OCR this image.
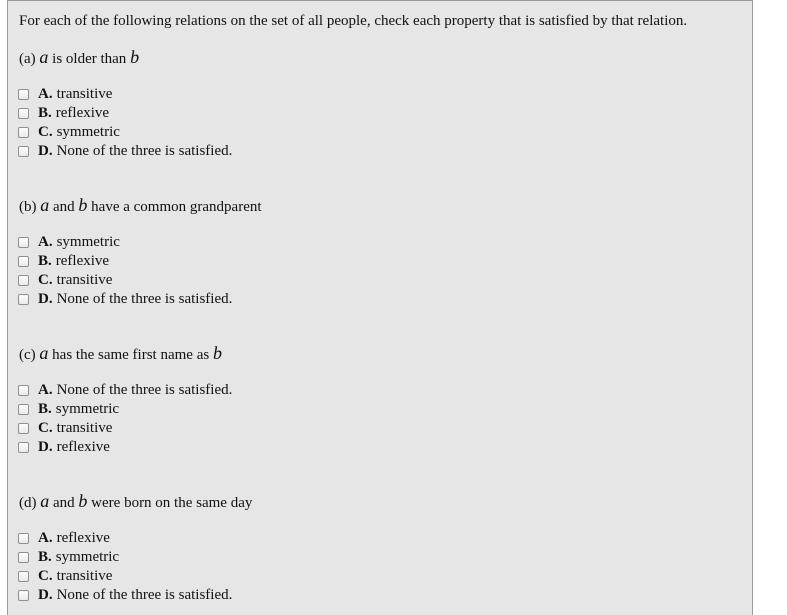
For each of the following relations on the set of all people, check each property that is satisfied by that relation.
(a) a is older than b
A. transitive
B. reflexive
C. symmetric
D. None of the three is satisfied.
(b) a and b have a common grandparent
A. symmetric
B. reflexive
C. transitive
D. None of the three is satisfied.
(c) a has the same first name as b
A. None of the three is satisfied.
B. symmetric
C. transitive
D. reflexive
(d) a and b were born on the same day
A. reflexive
B. symmetric
C. transitive
D. None of the three is satisfied.
